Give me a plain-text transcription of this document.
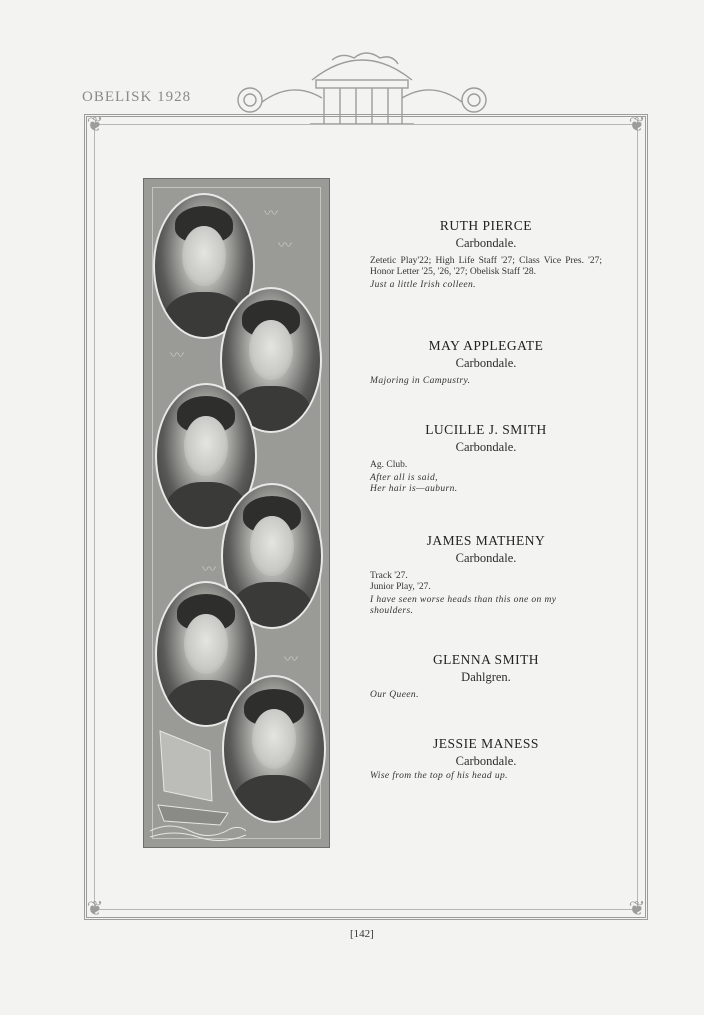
OBELISK 1928
❦	❦
❦	❦
〰
〰
〰
〰
〰
RUTH PIERCE
Carbondale.
Zetetic Play'22; High Life Staff '27; Class Vice Pres. '27; Honor Letter '25, '26, '27; Obelisk Staff '28.
Just a little Irish colleen.
MAY APPLEGATE
Carbondale.
Majoring in Campustry.
LUCILLE J. SMITH
Carbondale.
Ag. Club.
After all is said,
Her hair is—auburn.
JAMES MATHENY
Carbondale.
Track '27.
Junior Play, '27.
I have seen worse heads than this one on my shoulders.
GLENNA SMITH
Dahlgren.
Our Queen.
JESSIE MANESS
Carbondale.
Wise from the top of his head up.
[142]
